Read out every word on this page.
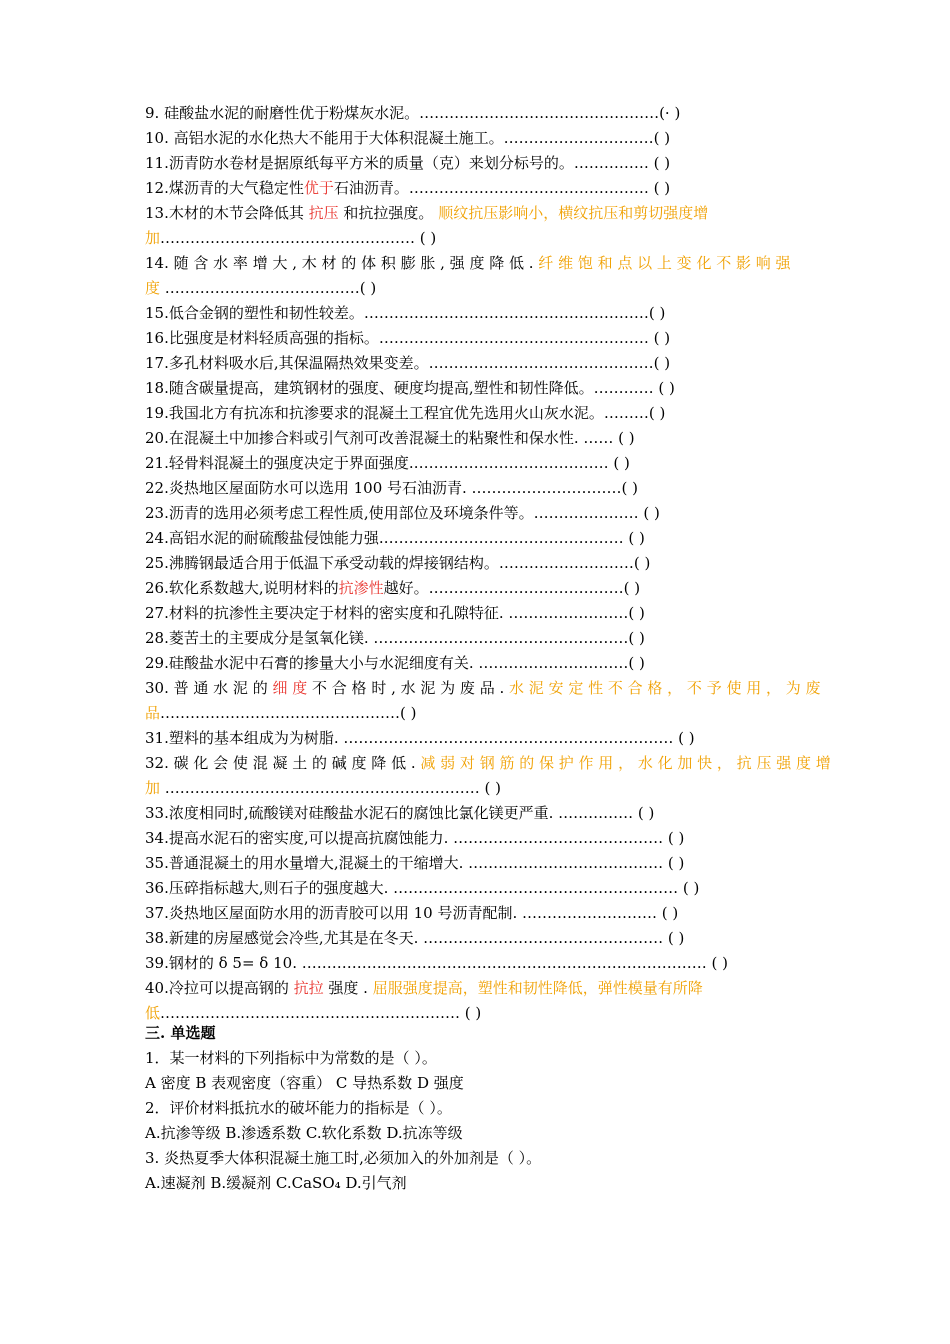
9. 硅酸盐水泥的耐磨性优于粉煤灰水泥。…………………………………………(· )
10. 高铝水泥的水化热大不能用于大体积混凝土施工。…………………………( )
11.沥青防水卷材是据原纸每平方米的质量（克）来划分标号的。…………… ( )
12.煤沥青的大气稳定性优于石油沥青。………………………………………… ( )
13.木材的木节会降低其 抗压 和抗拉强度。 顺纹抗压影响小，横纹抗压和剪切强度增
加…………………………………………… ( )
14. 随 含 水 率 增 大 , 木 材 的 体 积 膨 胀 , 强 度 降 低 . 纤 维 饱 和 点 以 上 变 化 不 影 响 强
度 …………………………………( )
15.低合金钢的塑性和韧性较差。…………………………………………………( )
16.比强度是材料轻质高强的指标。……………………………………………… ( )
17.多孔材料吸水后,其保温隔热效果变差。………………………………………( )
18.随含碳量提高，建筑钢材的强度、硬度均提高,塑性和韧性降低。………… ( )
19.我国北方有抗冻和抗渗要求的混凝土工程宜优先选用火山灰水泥。………( )
20.在混凝土中加掺合料或引气剂可改善混凝土的粘聚性和保水性. …… ( )
21.轻骨料混凝土的强度决定于界面强度.………………………………… ( )
22.炎热地区屋面防水可以选用 100 号石油沥青. …………………………( )
23.沥青的选用必须考虑工程性质,使用部位及环境条件等。………………… ( )
24.高铝水泥的耐硫酸盐侵蚀能力强.………………………………………… ( )
25.沸腾钢最适合用于低温下承受动载的焊接钢结构。………………………( )
26.软化系数越大,说明材料的抗渗性越好。…………………………………( )
27.材料的抗渗性主要决定于材料的密实度和孔隙特征. ……………………( )
28.菱苦土的主要成分是氢氧化镁. ……………………………………………( )
29.硅酸盐水泥中石膏的掺量大小与水泥细度有关. …………………………( )
30. 普 通 水 泥 的 细 度 不 合 格 时 , 水 泥 为 废 品 . 水 泥 安 定 性 不 合 格 ， 不 予 使 用 ， 为 废
品…………………………………………( )
31.塑料的基本组成为为树脂. ………………………………………………………… ( )
32. 碳 化 会 使 混 凝 土 的 碱 度 降 低 . 减 弱 对 钢 筋 的 保 护 作 用 ， 水 化 加 快 ， 抗 压 强 度 增
加 ……………………………………………………… ( )
33.浓度相同时,硫酸镁对硅酸盐水泥石的腐蚀比氯化镁更严重. …………… ( )
34.提高水泥石的密实度,可以提高抗腐蚀能力. …………………………………… ( )
35.普通混凝土的用水量增大,混凝土的干缩增大. ………………………………… ( )
36.压碎指标越大,则石子的强度越大. ………………………………………………… ( )
37.炎热地区屋面防水用的沥青胶可以用 10 号沥青配制. ……………………… ( )
38.新建的房屋感觉会冷些,尤其是在冬天. ………………………………………… ( )
39.钢材的 δ 5= δ 10. ……………………………………………………………………… ( )
40.冷拉可以提高钢的 抗拉 强度 . 屈服强度提高，塑性和韧性降低，弹性模量有所降
低…………………………………………………… ( )
三. 单选题
1．某一材料的下列指标中为常数的是（ ）。
A 密度 B 表观密度（容重） C 导热系数 D 强度
2．评价材料抵抗水的破坏能力的指标是（ ）。
A.抗渗等级 B.渗透系数 C.软化系数 D.抗冻等级
3. 炎热夏季大体积混凝土施工时,必须加入的外加剂是（ ）。
A.速凝剂 B.缓凝剂 C.CaSO₄ D.引气剂
